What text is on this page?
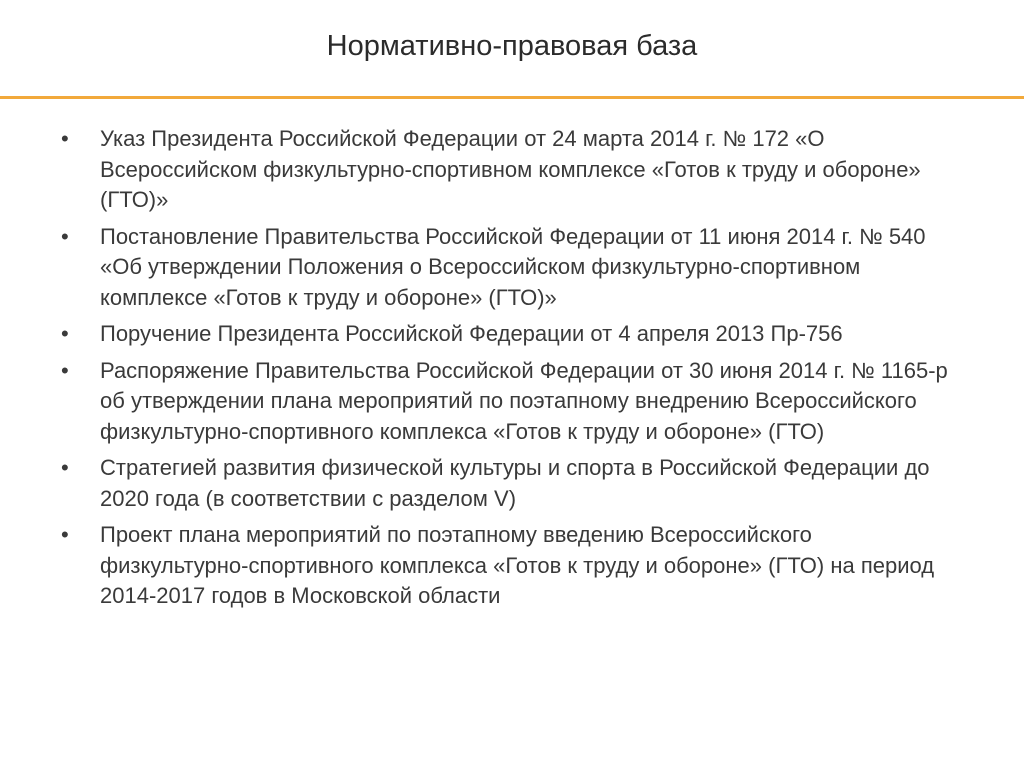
Нормативно-правовая база
• Указ Президента Российской Федерации от 24 марта 2014 г. № 172 «О Всероссийском физкультурно-спортивном комплексе «Готов к труду и обороне» (ГТО)»
• Постановление Правительства Российской Федерации от 11 июня 2014 г. № 540 «Об утверждении Положения о Всероссийском физкультурно-спортивном комплексе «Готов к труду и обороне» (ГТО)»
• Поручение Президента Российской Федерации от 4 апреля 2013 Пр-756
• Распоряжение Правительства Российской Федерации от 30 июня 2014 г. № 1165-р об утверждении плана мероприятий по поэтапному внедрению Всероссийского физкультурно-спортивного комплекса «Готов к труду и обороне» (ГТО)
• Стратегией развития физической культуры и спорта в Российской Федерации до 2020 года (в соответствии с разделом V)
• Проект плана мероприятий по поэтапному введению Всероссийского физкультурно-спортивного комплекса «Готов к труду и обороне» (ГТО) на период 2014-2017 годов в Московской области
